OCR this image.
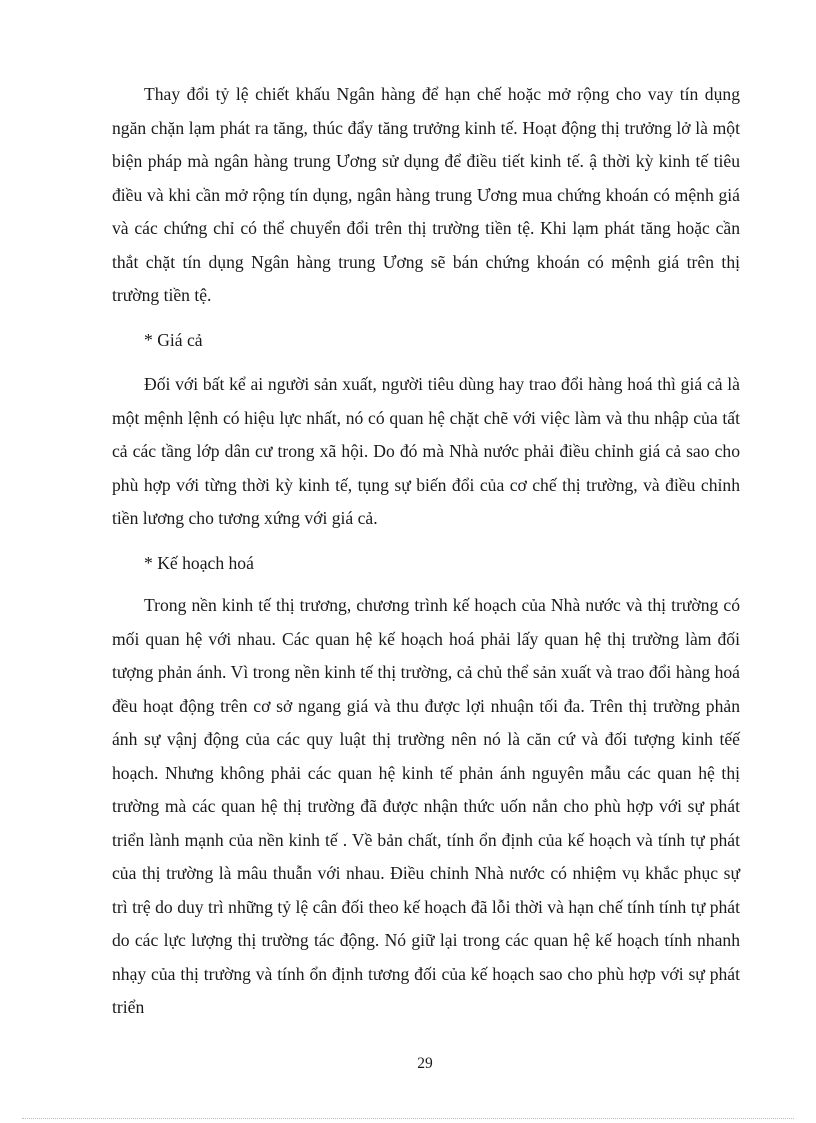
Thay đổi tỷ lệ chiết khấu Ngân hàng để hạn chế hoặc mở rộng cho vay tín dụng ngăn chặn lạm phát ra tăng, thúc đẩy tăng trưởng kinh tế. Hoạt động thị trưởng lở là một biện pháp mà ngân hàng trung Ương sử dụng để điều tiết kinh tế. ậ thời kỳ kinh tế tiêu điều và khi cần mở rộng tín dụng, ngân hàng trung Ương mua chứng khoán có mệnh giá và các chứng chỉ có thể chuyển đổi trên thị trường tiền tệ. Khi lạm phát tăng hoặc cần thắt chặt tín dụng Ngân hàng trung Ương sẽ bán chứng khoán có mệnh giá trên thị trường tiền tệ.

* Giá cả

Đối với bất kể ai người sản xuất, người tiêu dùng hay trao đổi hàng hoá thì giá cả là một mệnh lệnh có hiệu lực nhất, nó có quan hệ chặt chẽ với việc làm và thu nhập của tất cả các tầng lớp dân cư trong xã hội. Do đó mà Nhà nước phải điều chỉnh giá cả sao cho phù hợp với từng thời kỳ kinh tế, tụng sự biến đổi của cơ chế thị trường, và điều chỉnh tiền lương cho tương xứng với giá cả.

* Kế hoạch hoá

Trong nền kinh tế thị trương, chương trình kế hoạch của Nhà nước và thị trường có mối quan hệ với nhau. Các quan hệ kế hoạch hoá phải lấy quan hệ thị trường làm đối tượng phản ánh. Vì trong nền kinh tế thị trường, cả chủ thể sản xuất và trao đổi hàng hoá đều hoạt động trên cơ sở ngang giá và thu được lợi nhuận tối đa. Trên thị trường phản ánh sự vậnj động của các quy luật thị trường nên nó là căn cứ và đối tượng kinh tếế hoạch. Nhưng không phải các quan hệ kinh tế phản ánh nguyên mẫu các quan hệ thị trường mà các quan hệ thị trường đã được nhận thức uốn nắn cho phù hợp với sự phát triển lành mạnh của nền kinh tế . Về bản chất, tính ổn định của kế hoạch và tính tự phát của thị trường là mâu thuẫn với nhau. Điều chỉnh Nhà nước có nhiệm vụ khắc phục sự trì trệ do duy trì những tỷ lệ cân đối theo kế hoạch đã lỗi thời và hạn chế tính tính tự phát do các lực lượng thị trường tác động. Nó giữ lại trong các quan hệ kế hoạch tính nhanh nhạy của thị trường và tính ổn định tương đối của kế hoạch sao cho phù hợp với sự phát triển

29
